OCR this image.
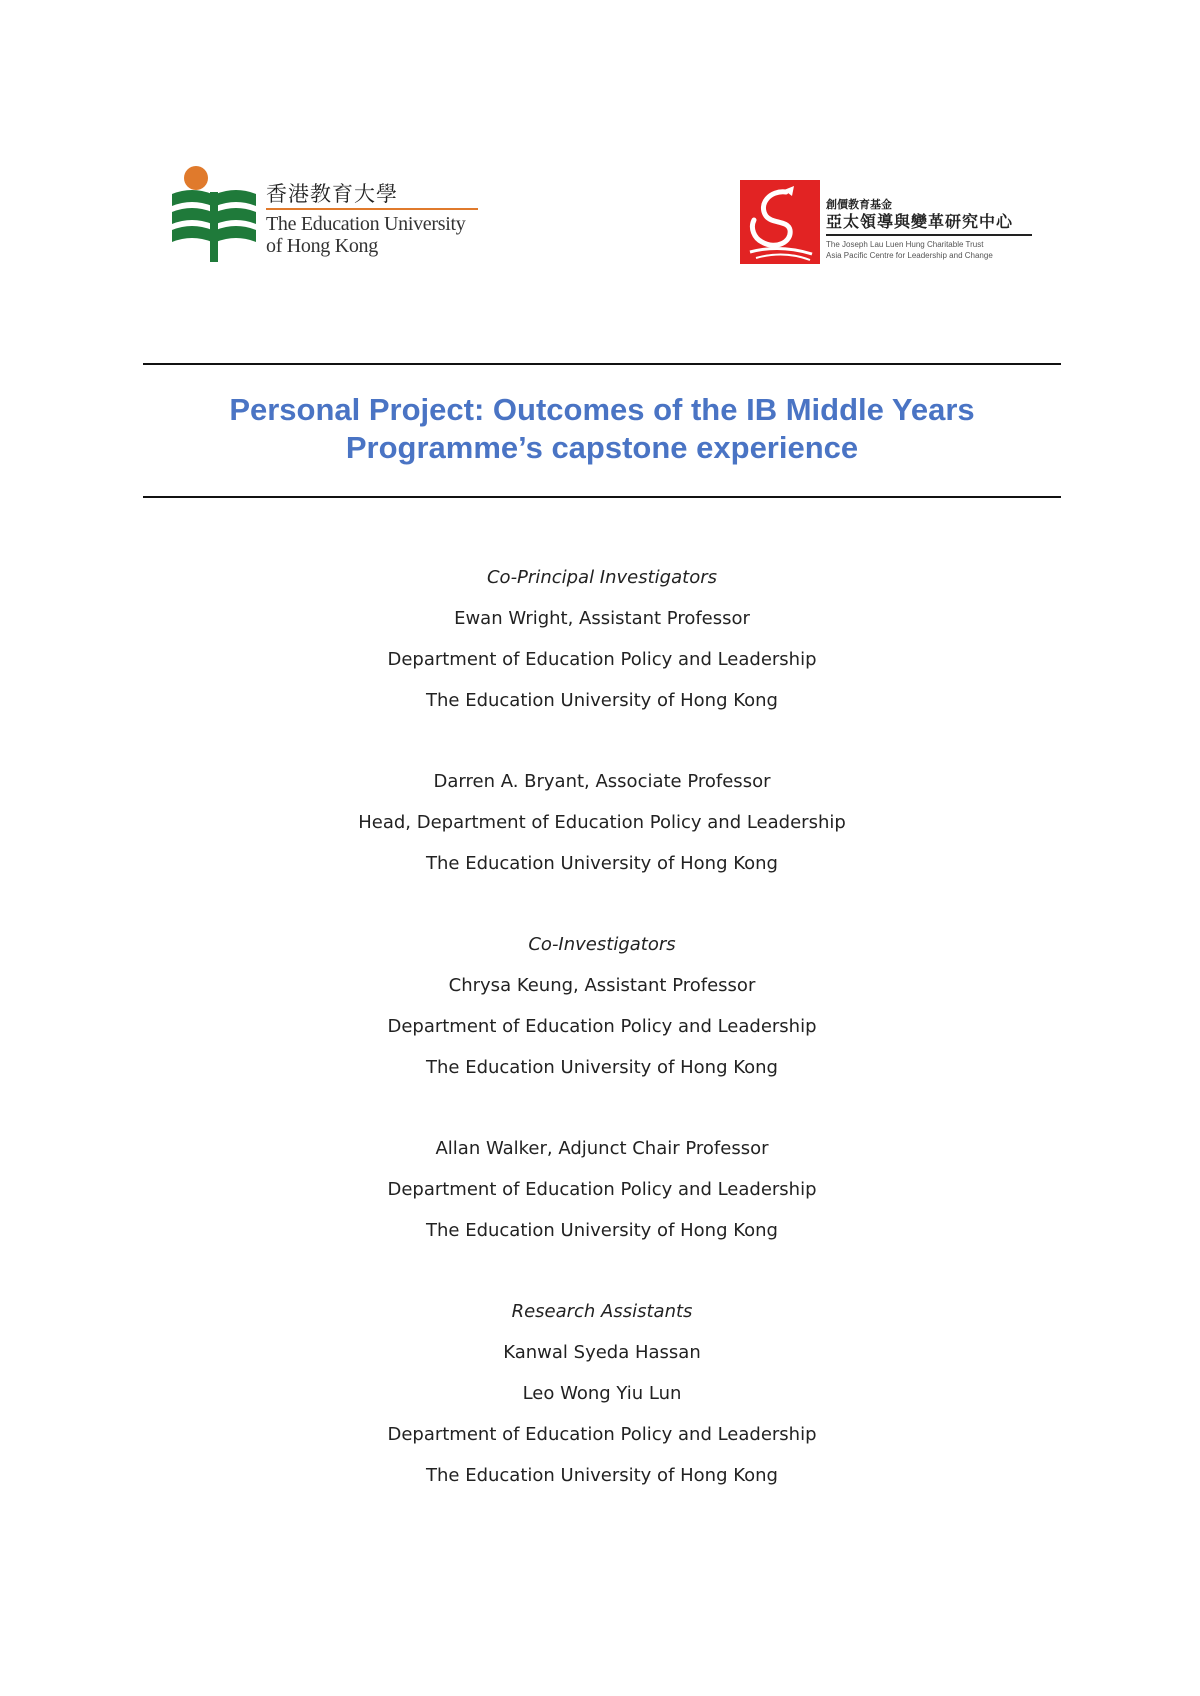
香港教育大學
The Education University
of Hong Kong
創價教育基金
亞太領導與變革研究中心
The Joseph Lau Luen Hung Charitable Trust
Asia Pacific Centre for Leadership and Change
Personal Project: Outcomes of the IB Middle Years
Programme’s capstone experience
Co-Principal Investigators
Ewan Wright, Assistant Professor
Department of Education Policy and Leadership
The Education University of Hong Kong
Darren A. Bryant, Associate Professor
Head, Department of Education Policy and Leadership
The Education University of Hong Kong
Co-Investigators
Chrysa Keung, Assistant Professor
Department of Education Policy and Leadership
The Education University of Hong Kong
Allan Walker, Adjunct Chair Professor
Department of Education Policy and Leadership
The Education University of Hong Kong
Research Assistants
Kanwal Syeda Hassan
Leo Wong Yiu Lun
Department of Education Policy and Leadership
The Education University of Hong Kong
